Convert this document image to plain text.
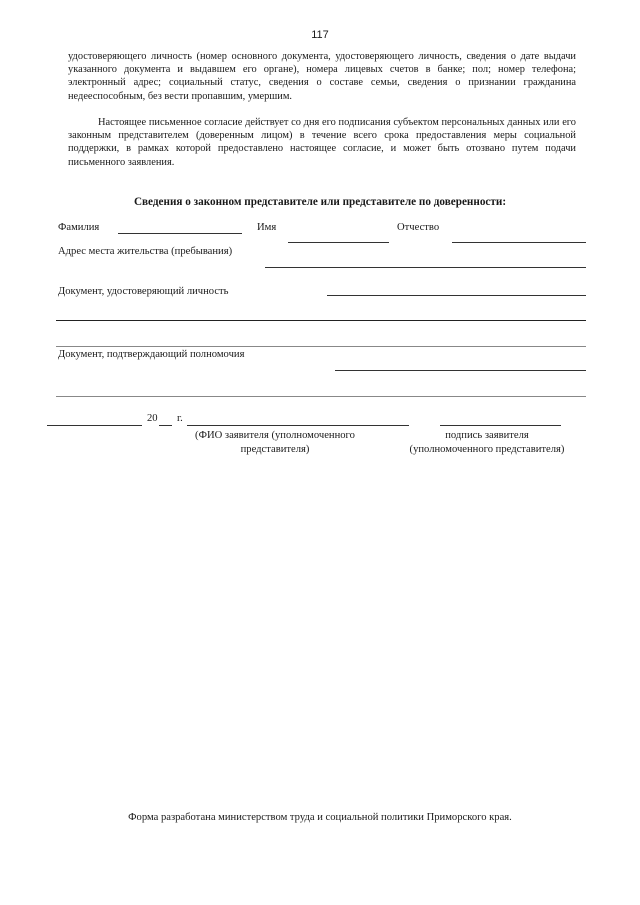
117

удостоверяющего личность (номер основного документа, удостоверяющего личность, сведения о дате выдачи указанного документа и выдавшем его органе), номера лицевых счетов в банке; пол; номер телефона; электронный адрес; социальный статус, сведения о составе семьи, сведения о признании гражданина недееспособным, без вести пропавшим, умершим.

Настоящее письменное согласие действует со дня его подписания субъектом персональных данных или его законным представителем (доверенным лицом) в течение всего срока предоставления меры социальной поддержки, в рамках которой предоставлено настоящее согласие, и может быть отозвано путем подачи письменного заявления.

Сведения о законном представителе или представителе по доверенности:
Фамилия	Имя	Отчество
Адрес места жительства (пребывания)
Документ, удостоверяющий личность
Документ, подтверждающий полномочия
20 г.
(ФИО заявителя (уполномоченного
представителя)
подпись заявителя
(уполномоченного представителя)
Форма разработана министерством труда и социальной политики Приморского края.
